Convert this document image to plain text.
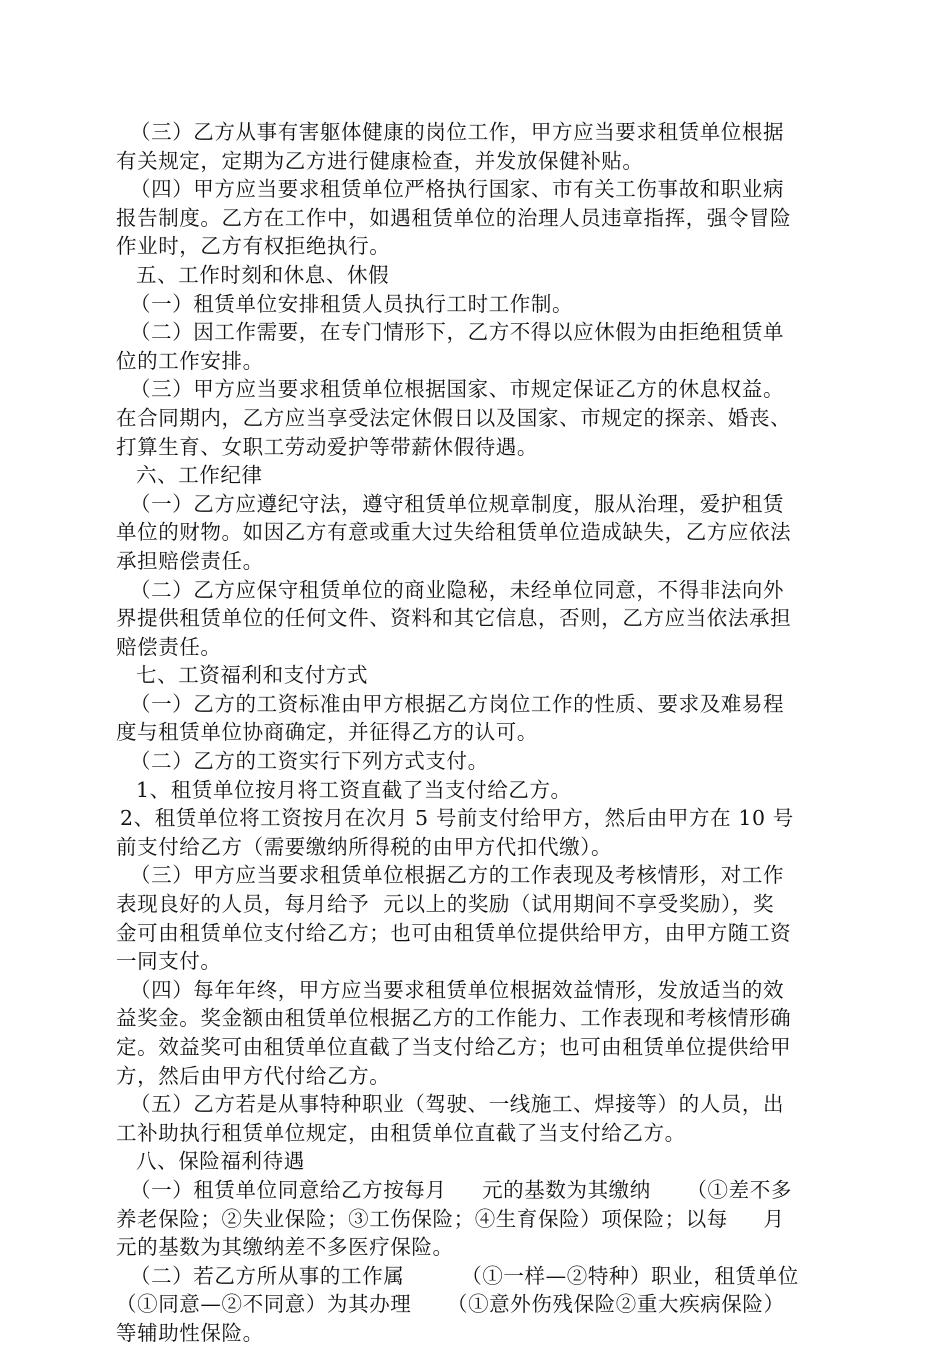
（三）乙方从事有害躯体健康的岗位工作，甲方应当要求租赁单位根据
有关规定，定期为乙方进行健康检查，并发放保健补贴。
（四）甲方应当要求租赁单位严格执行国家、市有关工伤事故和职业病
报告制度。乙方在工作中，如遇租赁单位的治理人员违章指挥，强令冒险
作业时，乙方有权拒绝执行。
五、工作时刻和休息、休假
（一）租赁单位安排租赁人员执行工时工作制。
（二）因工作需要，在专门情形下，乙方不得以应休假为由拒绝租赁单
位的工作安排。
（三）甲方应当要求租赁单位根据国家、市规定保证乙方的休息权益。
在合同期内，乙方应当享受法定休假日以及国家、市规定的探亲、婚丧、
打算生育、女职工劳动爱护等带薪休假待遇。
六、工作纪律
（一）乙方应遵纪守法，遵守租赁单位规章制度，服从治理，爱护租赁
单位的财物。如因乙方有意或重大过失给租赁单位造成缺失，乙方应依法
承担赔偿责任。
（二）乙方应保守租赁单位的商业隐秘，未经单位同意，不得非法向外
界提供租赁单位的任何文件、资料和其它信息，否则，乙方应当依法承担
赔偿责任。
七、工资福利和支付方式
（一）乙方的工资标准由甲方根据乙方岗位工作的性质、要求及难易程
度与租赁单位协商确定，并征得乙方的认可。
（二）乙方的工资实行下列方式支付。
1、租赁单位按月将工资直截了当支付给乙方。
2、租赁单位将工资按月在次月 5 号前支付给甲方，然后由甲方在 10 号
前支付给乙方（需要缴纳所得税的由甲方代扣代缴）。
（三）甲方应当要求租赁单位根据乙方的工作表现及考核情形，对工作
表现良好的人员，每月给予  元以上的奖励（试用期间不享受奖励），奖
金可由租赁单位支付给乙方；也可由租赁单位提供给甲方，由甲方随工资
一同支付。
（四）每年年终，甲方应当要求租赁单位根据效益情形，发放适当的效
益奖金。奖金额由租赁单位根据乙方的工作能力、工作表现和考核情形确
定。效益奖可由租赁单位直截了当支付给乙方；也可由租赁单位提供给甲
方，然后由甲方代付给乙方。
（五）乙方若是从事特种职业（驾驶、一线施工、焊接等）的人员，出
工补助执行租赁单位规定，由租赁单位直截了当支付给乙方。
八、保险福利待遇
（一）租赁单位同意给乙方按每月     元的基数为其缴纳     （①差不多
养老保险；②失业保险；③工伤保险；④生育保险）项保险；以每     月
元的基数为其缴纳差不多医疗保险。
（二）若乙方所从事的工作属        （①一样—②特种）职业，租赁单位
（①同意—②不同意）为其办理     （①意外伤残保险②重大疾病保险）
等辅助性保险。
